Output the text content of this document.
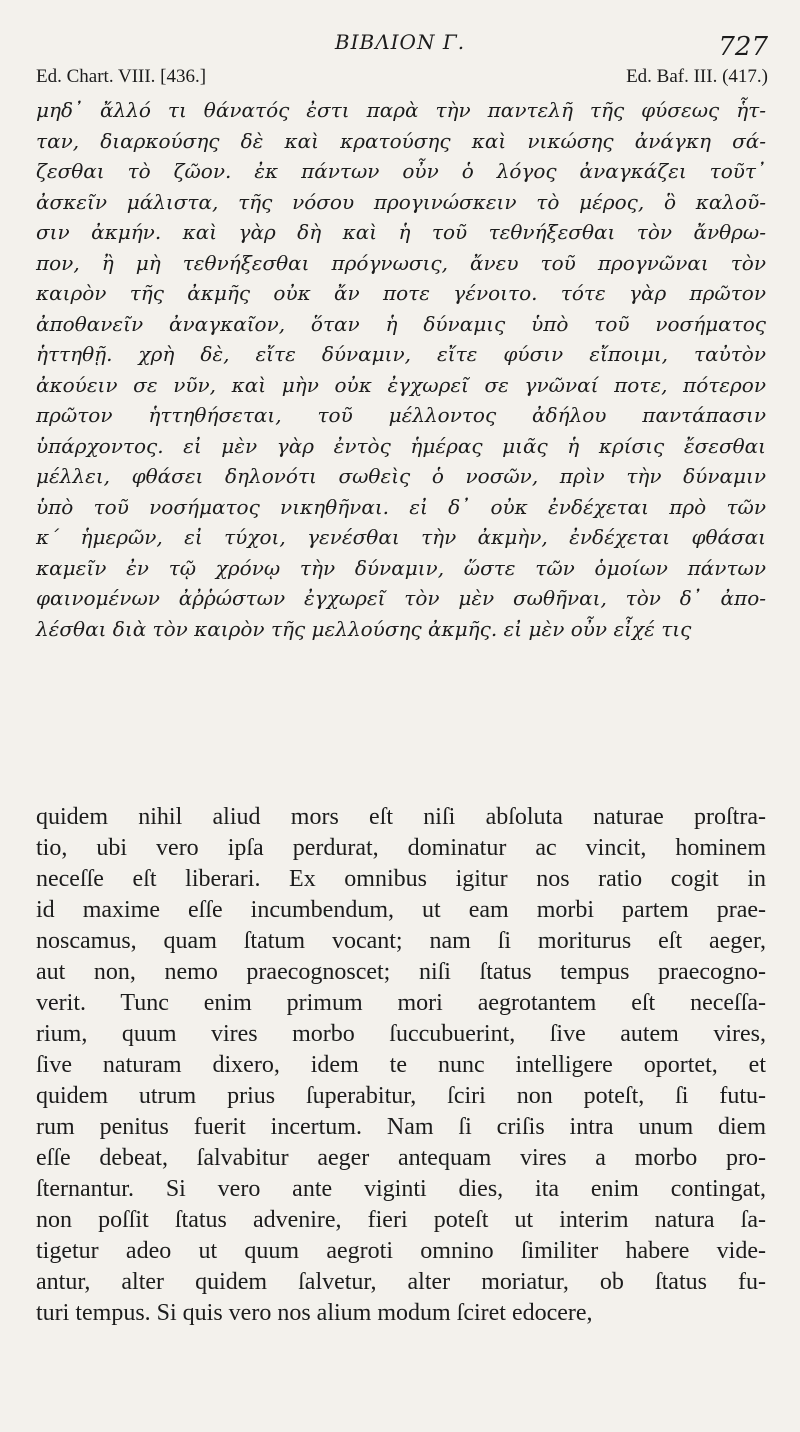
ΒΙΒΛΙΟΝ Γ.	727
Ed. Chart. VIII. [436.]	Ed. Baf. III. (417.)
μηδ᾽ ἄλλό τι θάνατός ἐστι παρὰ τὴν παντελῆ τῆς φύσεως ἧτ-
ταν, διαρκούσης δὲ καὶ κρατούσης καὶ νικώσης ἀνάγκη σά-
ζεσθαι τὸ ζῶον. ἐκ πάντων οὖν ὁ λόγος ἀναγκάζει τοῦτ᾽
ἀσκεῖν μάλιστα, τῆς νόσου προγινώσκειν τὸ μέρος, ὃ καλοῦ-
σιν ἀκμήν. καὶ γὰρ δὴ καὶ ἡ τοῦ τεθνήξεσθαι τὸν ἄνθρω-
πον, ἢ μὴ τεθνήξεσθαι πρόγνωσις, ἄνευ τοῦ προγνῶναι τὸν
καιρὸν τῆς ἀκμῆς οὐκ ἄν ποτε γένοιτο. τότε γὰρ πρῶτον
ἀποθανεῖν ἀναγκαῖον, ὅταν ἡ δύναμις ὑπὸ τοῦ νοσήματος
ἡττηθῇ. χρὴ δὲ, εἴτε δύναμιν, εἴτε φύσιν εἴποιμι, ταὐτὸν
ἀκούειν σε νῦν, καὶ μὴν οὐκ ἐγχωρεῖ σε γνῶναί ποτε, πότερον
πρῶτον ἡττηθήσεται, τοῦ μέλλοντος ἀδήλου παντάπασιν
ὑπάρχοντος. εἰ μὲν γὰρ ἐντὸς ἡμέρας μιᾶς ἡ κρίσις ἔσεσθαι
μέλλει, φθάσει δηλονότι σωθεὶς ὁ νοσῶν, πρὶν τὴν δύναμιν
ὑπὸ τοῦ νοσήματος νικηθῆναι. εἰ δ᾽ οὐκ ἐνδέχεται πρὸ τῶν
κ´ ἡμερῶν, εἰ τύχοι, γενέσθαι τὴν ἀκμὴν, ἐνδέχεται φθάσαι
καμεῖν ἐν τῷ χρόνῳ τὴν δύναμιν, ὥστε τῶν ὁμοίων πάντων
φαινομένων ἀῤῥώστων ἐγχωρεῖ τὸν μὲν σωθῆναι, τὸν δ᾽ ἀπο-
λέσθαι διὰ τὸν καιρὸν τῆς μελλούσης ἀκμῆς. εἰ μὲν οὖν εἶχέ τις
quidem nihil aliud mors eſt niſi abſoluta naturae proſtra-
tio, ubi vero ipſa perdurat, dominatur ac vincit, hominem
neceſſe eſt liberari. Ex omnibus igitur nos ratio cogit in
id maxime eſſe incumbendum, ut eam morbi partem prae-
noscamus, quam ſtatum vocant; nam ſi moriturus eſt aeger,
aut non, nemo praecognoscet; niſi ſtatus tempus praecogno-
verit. Tunc enim primum mori aegrotantem eſt neceſſa-
rium, quum vires morbo ſuccubuerint, ſive autem vires,
ſive naturam dixero, idem te nunc intelligere oportet, et
quidem utrum prius ſuperabitur, ſciri non poteſt, ſi futu-
rum penitus fuerit incertum. Nam ſi criſis intra unum diem
eſſe debeat, ſalvabitur aeger antequam vires a morbo pro-
ſternantur. Si vero ante viginti dies, ita enim contingat,
non poſſit ſtatus advenire, fieri poteſt ut interim natura ſa-
tigetur adeo ut quum aegroti omnino ſimiliter habere vide-
antur, alter quidem ſalvetur, alter moriatur, ob ſtatus fu-
turi tempus. Si quis vero nos alium modum ſciret edocere,
